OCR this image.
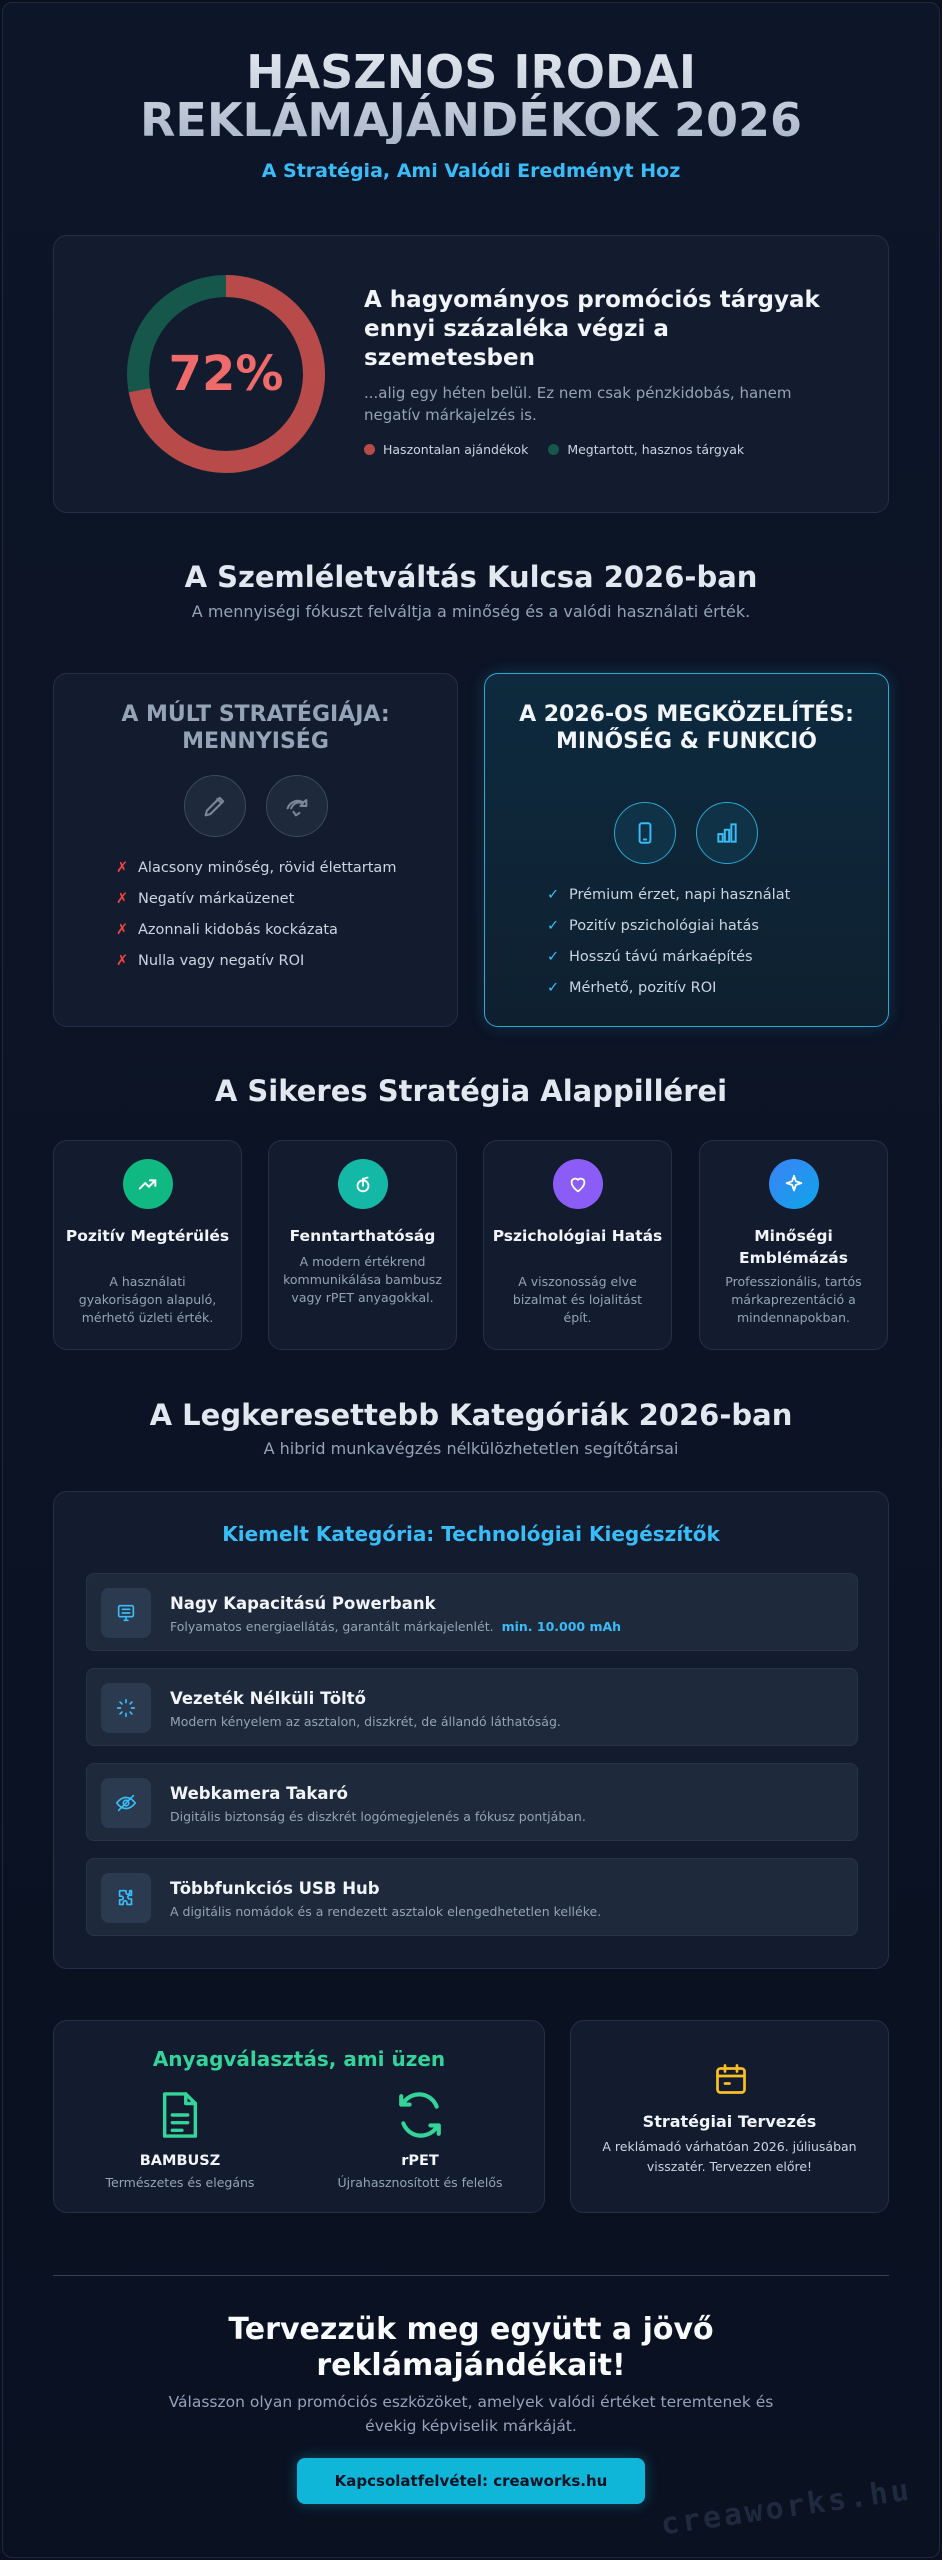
HASZNOS IRODAI
REKLÁMAJÁNDÉKOK 2026
A Stratégia, Ami Valódi Eredményt Hoz
72%
A hagyományos promóciós tárgyak ennyi százaléka végzi a szemetesben
...alig egy héten belül. Ez nem csak pénzkidobás, hanem negatív márkajelzés is.
Haszontalan ajándékok	Megtartott, hasznos tárgyak
A Szemléletváltás Kulcsa 2026-ban
A mennyiségi fókuszt felváltja a minőség és a valódi használati érték.
A MÚLT STRATÉGIÁJA: MENNYISÉG
✗ Alacsony minőség, rövid élettartam
✗ Negatív márkaüzenet
✗ Azonnali kidobás kockázata
✗ Nulla vagy negatív ROI
A 2026-OS MEGKÖZELÍTÉS: MINŐSÉG & FUNKCIÓ
✓ Prémium érzet, napi használat
✓ Pozitív pszichológiai hatás
✓ Hosszú távú márkaépítés
✓ Mérhető, pozitív ROI
A Sikeres Stratégia Alappillérei
Pozitív Megtérülés
A használati gyakoriságon alapuló, mérhető üzleti érték.
Fenntarthatóság
A modern értékrend kommunikálása bambusz vagy rPET anyagokkal.
Pszichológiai Hatás
A viszonosság elve bizalmat és lojalitást épít.
Minőségi Emblémázás
Professzionális, tartós márkaprezentáció a mindennapokban.
A Legkeresettebb Kategóriák 2026-ban
A hibrid munkavégzés nélkülözhetetlen segítőtársai
Kiemelt Kategória: Technológiai Kiegészítők
Nagy Kapacitású Powerbank
Folyamatos energiaellátás, garantált márkajelenlét. min. 10.000 mAh
Vezeték Nélküli Töltő
Modern kényelem az asztalon, diszkrét, de állandó láthatóság.
Webkamera Takaró
Digitális biztonság és diszkrét logómegjelenés a fókusz pontjában.
Többfunkciós USB Hub
A digitális nomádok és a rendezett asztalok elengedhetetlen kelléke.
Anyagválasztás, ami üzen
BAMBUSZ
Természetes és elegáns
rPET
Újrahasznosított és felelős
Stratégiai Tervezés
A reklámadó várhatóan 2026. júliusában visszatér. Tervezzen előre!
Tervezzük meg együtt a jövő
reklámajándékait!
Válasszon olyan promóciós eszközöket, amelyek valódi értéket teremtenek és évekig képviselik márkáját.
Kapcsolatfelvétel: creaworks.hu	creaworks.hu
